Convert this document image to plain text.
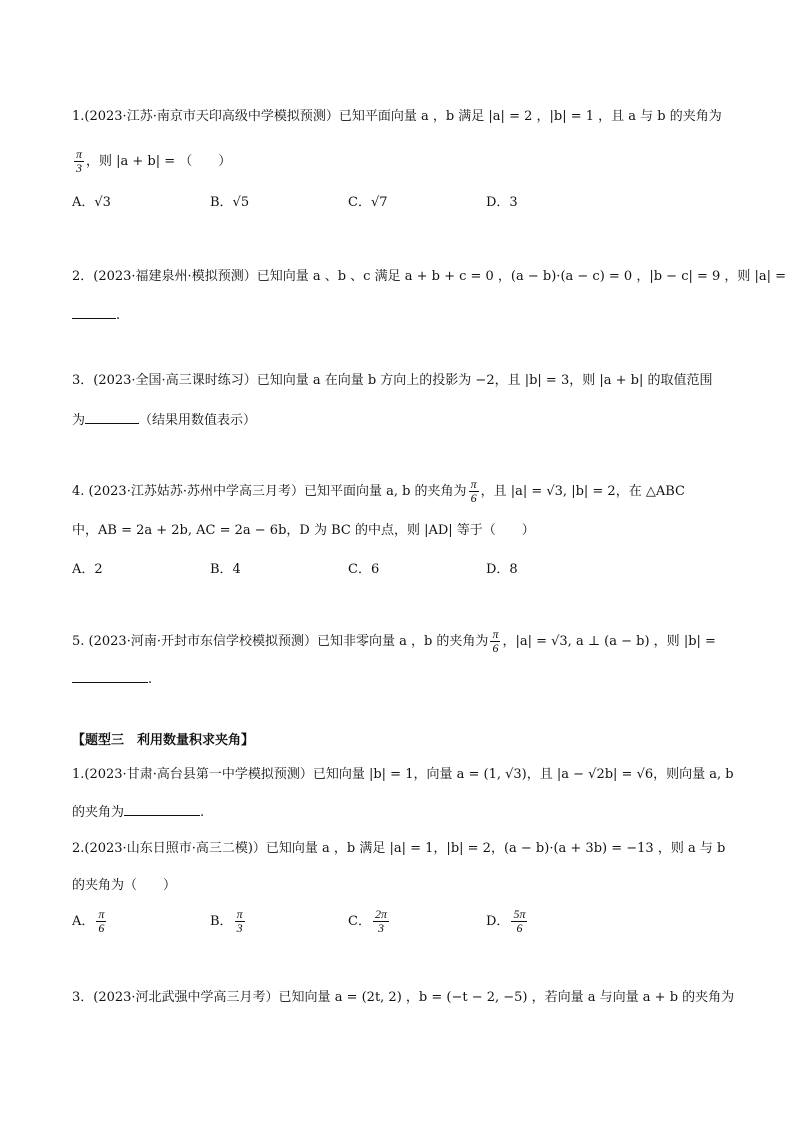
1.(2023·江苏·南京市天印高级中学模拟预测）已知平面向量 a ，b 满足 |a| = 2 ，|b| = 1 ，且 a 与 b 的夹角为
$\frac{\pi}{3}$ ，则 |a + b| = （　　）
A．√3	B．√5	C．√7	D．3
2．(2023·福建泉州·模拟预测）已知向量 a 、b 、c 满足 a + b + c = 0 ，(a − b)·(a − c) = 0 ，|b − c| = 9 ，则 |a| =
.
3．(2023·全国·高三课时练习）已知向量 a 在向量 b 方向上的投影为 −2，且 |b| = 3，则 |a + b| 的取值范围
为	（结果用数值表示）
4. (2023·江苏姑苏·苏州中学高三月考）已知平面向量 a, b 的夹角为 $\frac{\pi}{6}$ ，且 |a| = √3, |b| = 2，在 △ABC
中，AB = 2a + 2b, AC = 2a − 6b，D 为 BC 的中点，则 |AD| 等于（　　）
A．2	B．4	C．6	D．8
5. (2023·河南·开封市东信学校模拟预测）已知非零向量 a ，b 的夹角为 $\frac{\pi}{6}$ ，|a| = √3, a ⊥ (a − b) ，则 |b| =
.
【题型三　利用数量积求夹角】
1.(2023·甘肃·高台县第一中学模拟预测）已知向量 |b| = 1，向量 a = (1, √3)，且 |a − √2b| = √6，则向量 a, b
的夹角为	.
2.(2023·山东日照市·高三二模)）已知向量 a ，b 满足 |a| = 1，|b| = 2，(a − b)·(a + 3b) = −13 ，则 a 与 b
的夹角为（　　）
A． $\frac{\pi}{6}$	B． $\frac{\pi}{3}$	C． $\frac{2\pi}{3}$	D． $\frac{5\pi}{6}$
3．(2023·河北武强中学高三月考）已知向量 a = (2t, 2) ，b = (−t − 2, −5) ，若向量 a 与向量 a + b 的夹角为
